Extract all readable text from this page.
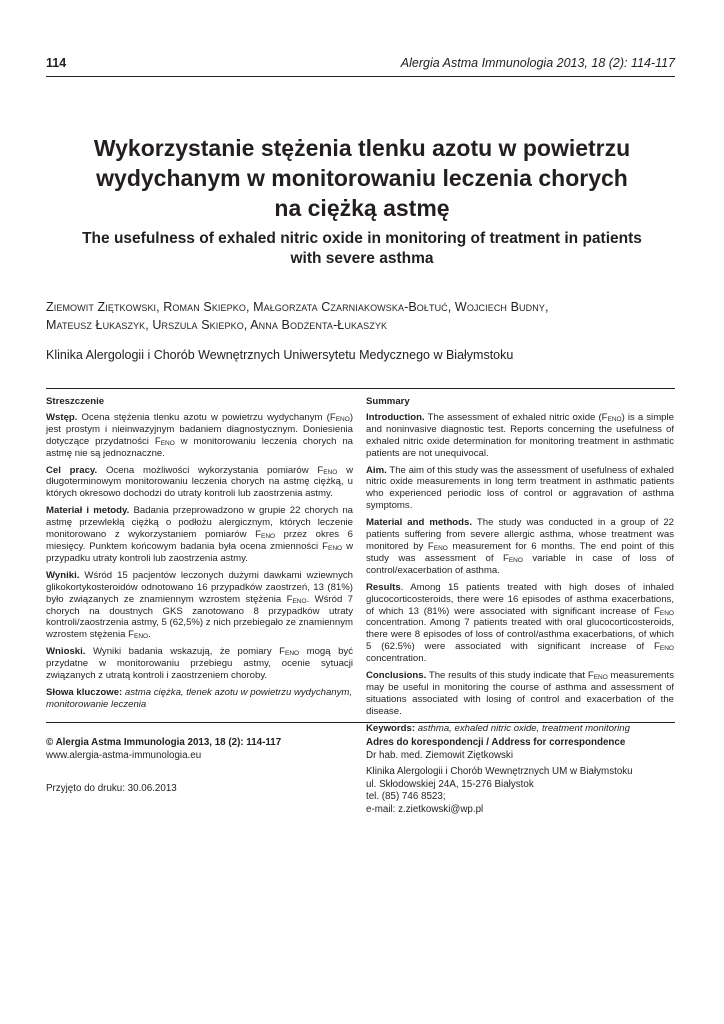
114	Alergia Astma Immunologia 2013, 18 (2): 114-117
Wykorzystanie stężenia tlenku azotu w powietrzu
wydychanym w monitorowaniu leczenia chorych
na ciężką astmę
The usefulness of exhaled nitric oxide in monitoring of treatment in patients
with severe asthma
Ziemowit Ziętkowski, Roman Skiepko, Małgorzata Czarniakowska-Bołtuć, Wojciech Budny,
Mateusz Łukaszyk, Urszula Skiepko, Anna Bodzenta-Łukaszyk
Klinika Alergologii i Chorób Wewnętrznych Uniwersytetu Medycznego w Białymstoku
Streszczenie

Wstęp. Ocena stężenia tlenku azotu w powietrzu wydychanym $(F_{ENO})$ jest prostym i nieinwazyjnym badaniem diagnostycznym. Doniesienia dotyczące przydatności $F_{ENO}$ w monitorowaniu leczenia chorych na astmę nie są jednoznaczne.

Cel pracy. Ocena możliwości wykorzystania pomiarów $F_{ENO}$ w długoterminowym monitorowaniu leczenia chorych na astmę ciężką, u których okresowo dochodzi do utraty kontroli lub zaostrzenia astmy.

Materiał i metody. Badania przeprowadzono w grupie 22 chorych na astmę przewlekłą ciężką o podłożu alergicznym, których leczenie monitorowano z wykorzystaniem pomiarów $F_{ENO}$ przez okres 6 miesięcy. Punktem końcowym badania była ocena zmienności $F_{ENO}$ w przypadku utraty kontroli lub zaostrzenia astmy.

Wyniki. Wśród 15 pacjentów leczonych dużymi dawkami wziewnych glikokortykosteroidów odnotowano 16 przypadków zaostrzeń, 13 (81%) było związanych ze znamiennym wzrostem stężenia $F_{ENO}$. Wśród 7 chorych na doustnych GKS zanotowano 8 przypadków utraty kontroli/zaostrzenia astmy, 5 (62,5%) z nich przebiegało ze znamiennym wzrostem stężenia $F_{ENO}$.

Wnioski. Wyniki badania wskazują, że pomiary $F_{ENO}$ mogą być przydatne w monitorowaniu przebiegu astmy, ocenie sytuacji związanych z utratą kontroli i zaostrzeniem choroby.

Słowa kluczowe: astma ciężka, tlenek azotu w powietrzu wydychanym, monitorowanie leczenia

Summary

Introduction. The assessment of exhaled nitric oxide $(F_{ENO})$ is a simple and noninvasive diagnostic test. Reports concerning the usefulness of exhaled nitric oxide determination for monitoring treatment in asthmatic patients are not unequivocal.

Aim. The aim of this study was the assessment of usefulness of exhaled nitric oxide measurements in long term treatment in asthmatic patients who experienced periodic loss of control or aggravation of asthma symptoms.

Material and methods. The study was conducted in a group of 22 patients suffering from severe allergic asthma, whose treatment was monitored by $F_{ENO}$ measurement for 6 months. The end point of this study was assessment of $F_{ENO}$ variable in case of loss of control/exacerbation of asthma.

Results. Among 15 patients treated with high doses of inhaled glucocorticosteroids, there were 16 episodes of asthma exacerbations, of which 13 (81%) were associated with significant increase of $F_{ENO}$ concentration. Among 7 patients treated with oral glucocorticosteroids, there were 8 episodes of loss of control/asthma exacerbations, of which 5 (62.5%) were associated with significant increase of $F_{ENO}$ concentration.

Conclusions. The results of this study indicate that $F_{ENO}$ measurements may be useful in monitoring the course of asthma and assessment of situations associated with losing of control and exacerbation of the disease.

Keywords: asthma, exhaled nitric oxide, treatment monitoring

© Alergia Astma Immunologia 2013, 18 (2): 114-117
www.alergia-astma-immunologia.eu
Przyjęto do druku: 30.06.2013
Adres do korespondencji / Address for correspondence
Dr hab. med. Ziemowit Ziętkowski
Klinika Alergologii i Chorób Wewnętrznych UM w Białymstoku
ul. Skłodowskiej 24A, 15-276 Białystok
tel. (85) 746 8523;
e-mail: z.zietkowski@wp.pl
